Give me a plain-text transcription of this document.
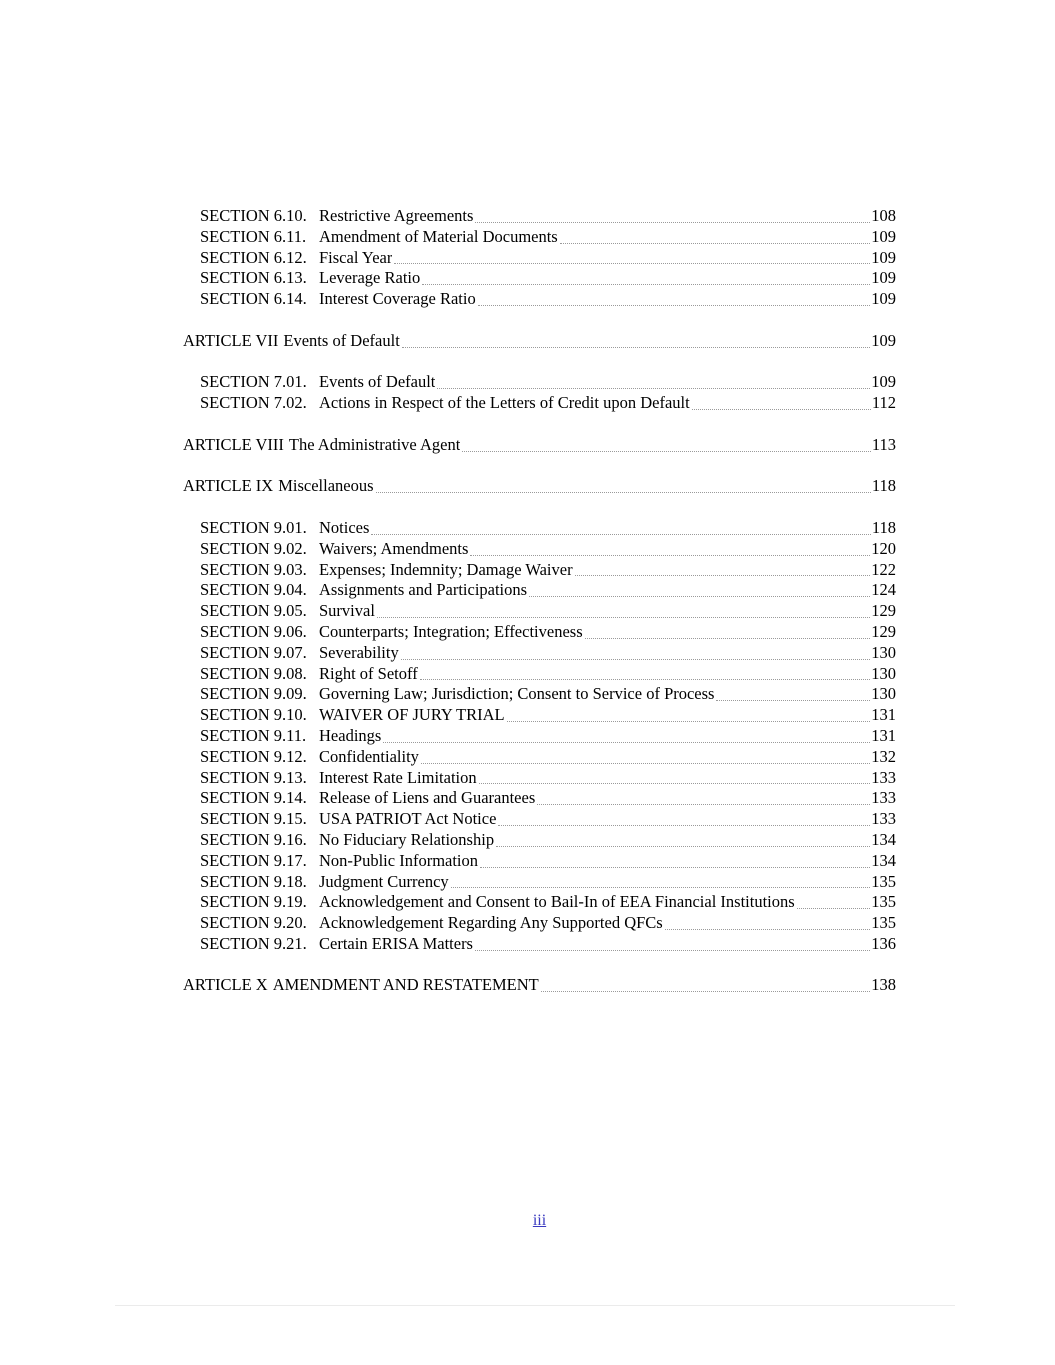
SECTION 6.10. Restrictive Agreements	108
SECTION 6.11. Amendment of Material Documents	109
SECTION 6.12. Fiscal Year	109
SECTION 6.13. Leverage Ratio	109
SECTION 6.14. Interest Coverage Ratio	109
ARTICLE VII Events of Default	109
SECTION 7.01. Events of Default	109
SECTION 7.02. Actions in Respect of the Letters of Credit upon Default	112
ARTICLE VIII The Administrative Agent	113
ARTICLE IX Miscellaneous	118
SECTION 9.01. Notices	118
SECTION 9.02. Waivers; Amendments	120
SECTION 9.03. Expenses; Indemnity; Damage Waiver	122
SECTION 9.04. Assignments and Participations	124
SECTION 9.05. Survival	129
SECTION 9.06. Counterparts; Integration; Effectiveness	129
SECTION 9.07. Severability	130
SECTION 9.08. Right of Setoff	130
SECTION 9.09. Governing Law; Jurisdiction; Consent to Service of Process	130
SECTION 9.10. WAIVER OF JURY TRIAL	131
SECTION 9.11. Headings	131
SECTION 9.12. Confidentiality	132
SECTION 9.13. Interest Rate Limitation	133
SECTION 9.14. Release of Liens and Guarantees	133
SECTION 9.15. USA PATRIOT Act Notice	133
SECTION 9.16. No Fiduciary Relationship	134
SECTION 9.17. Non-Public Information	134
SECTION 9.18. Judgment Currency	135
SECTION 9.19. Acknowledgement and Consent to Bail-In of EEA Financial Institutions	135
SECTION 9.20. Acknowledgement Regarding Any Supported QFCs	135
SECTION 9.21. Certain ERISA Matters	136
ARTICLE X AMENDMENT AND RESTATEMENT	138
iii
